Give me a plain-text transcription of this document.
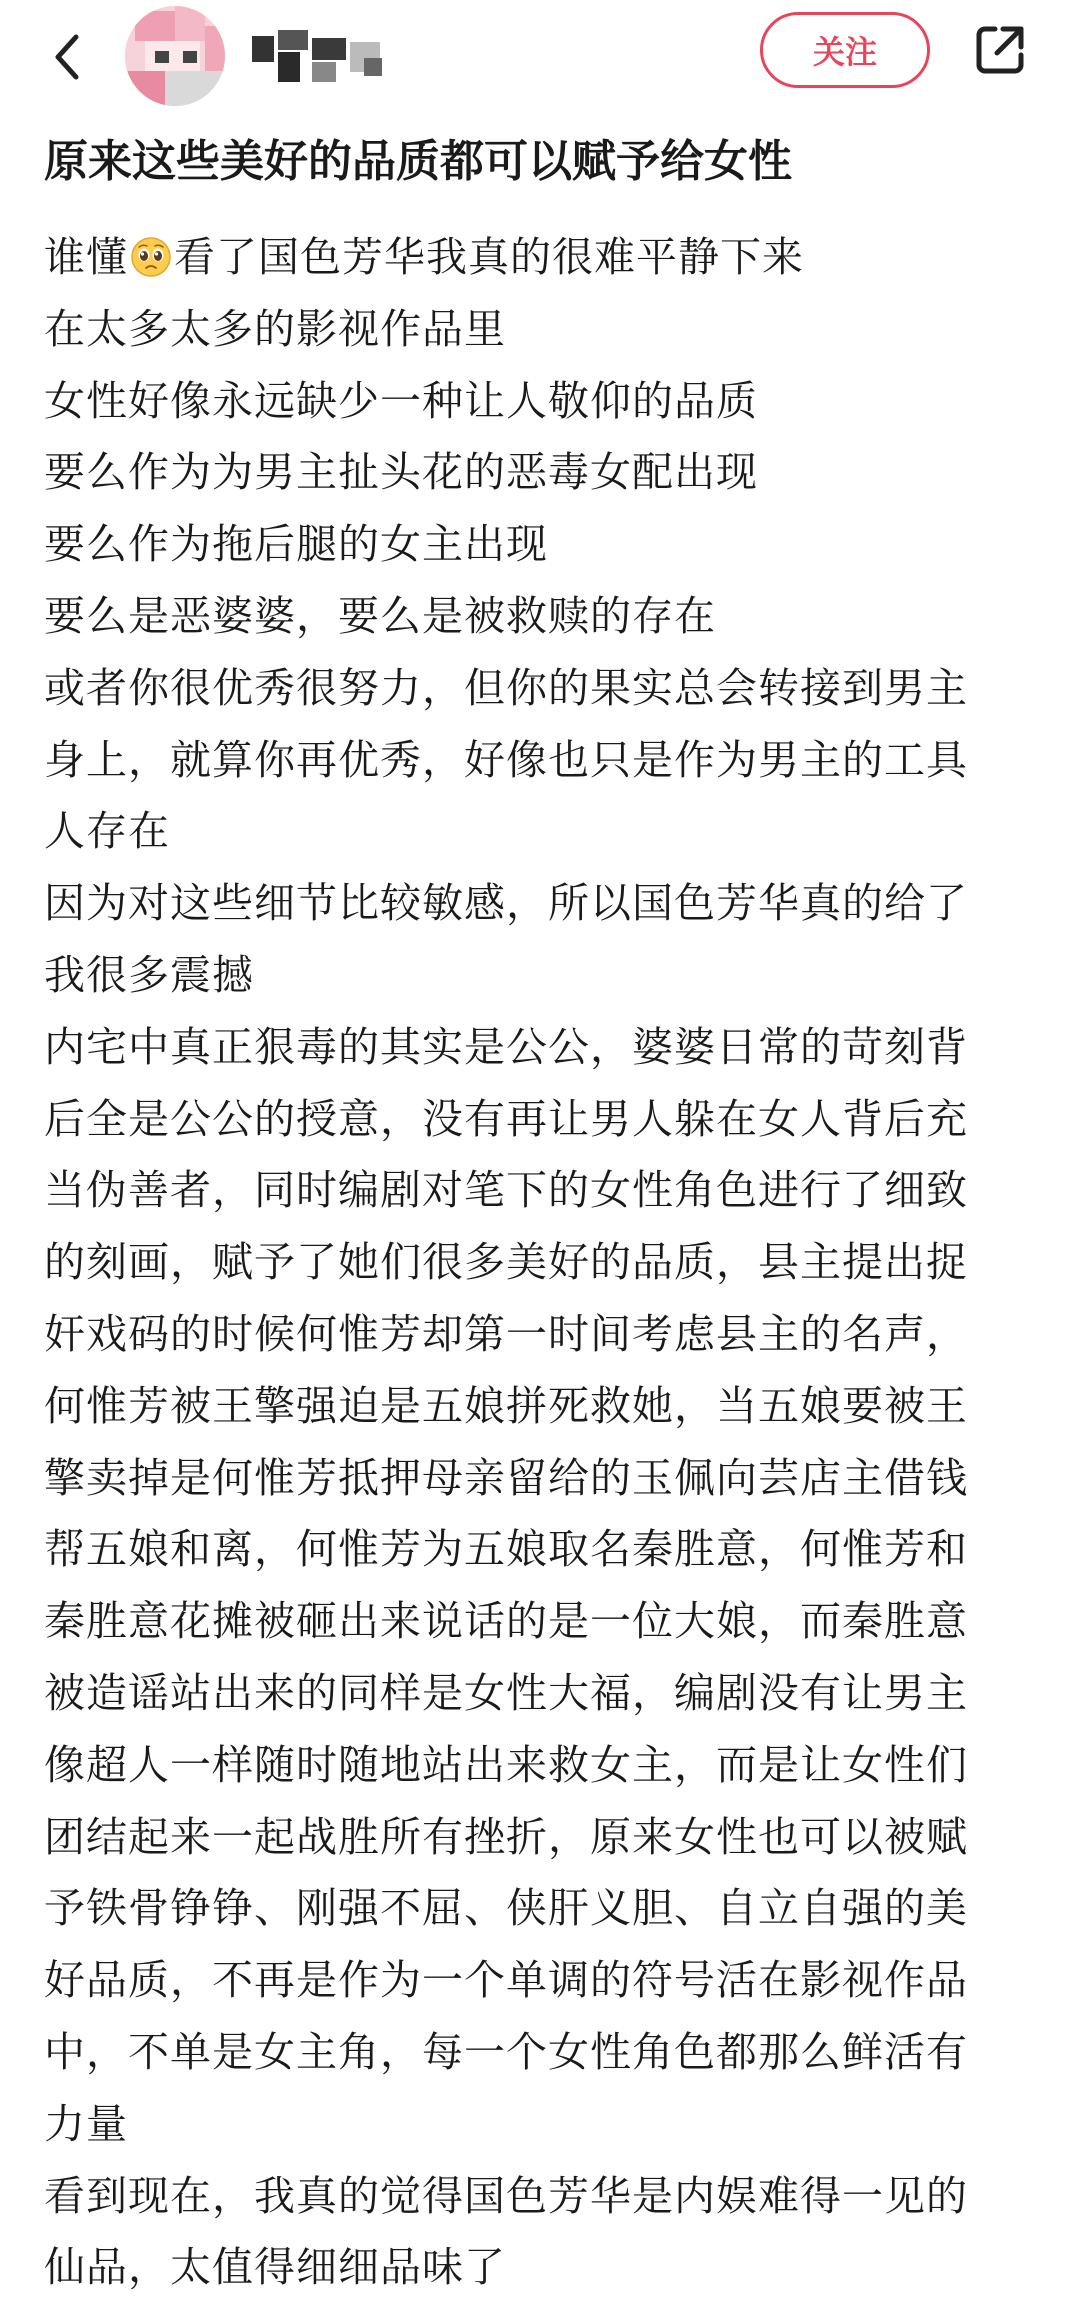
关注
原来这些美好的品质都可以赋予给女性
谁懂 看了国色芳华我真的很难平静下来
在太多太多的影视作品里
女性好像永远缺少一种让人敬仰的品质
要么作为为男主扯头花的恶毒女配出现
要么作为拖后腿的女主出现
要么是恶婆婆，要么是被救赎的存在
或者你很优秀很努力，但你的果实总会转接到男主
身上，就算你再优秀，好像也只是作为男主的工具
人存在
因为对这些细节比较敏感，所以国色芳华真的给了
我很多震撼
内宅中真正狠毒的其实是公公，婆婆日常的苛刻背
后全是公公的授意，没有再让男人躲在女人背后充
当伪善者，同时编剧对笔下的女性角色进行了细致
的刻画，赋予了她们很多美好的品质，县主提出捉
奸戏码的时候何惟芳却第一时间考虑县主的名声，
何惟芳被王擎强迫是五娘拼死救她，当五娘要被王
擎卖掉是何惟芳抵押母亲留给的玉佩向芸店主借钱
帮五娘和离，何惟芳为五娘取名秦胜意，何惟芳和
秦胜意花摊被砸出来说话的是一位大娘，而秦胜意
被造谣站出来的同样是女性大福，编剧没有让男主
像超人一样随时随地站出来救女主，而是让女性们
团结起来一起战胜所有挫折，原来女性也可以被赋
予铁骨铮铮、刚强不屈、侠肝义胆、自立自强的美
好品质，不再是作为一个单调的符号活在影视作品
中，不单是女主角，每一个女性角色都那么鲜活有
力量
看到现在，我真的觉得国色芳华是内娱难得一见的
仙品，太值得细细品味了
